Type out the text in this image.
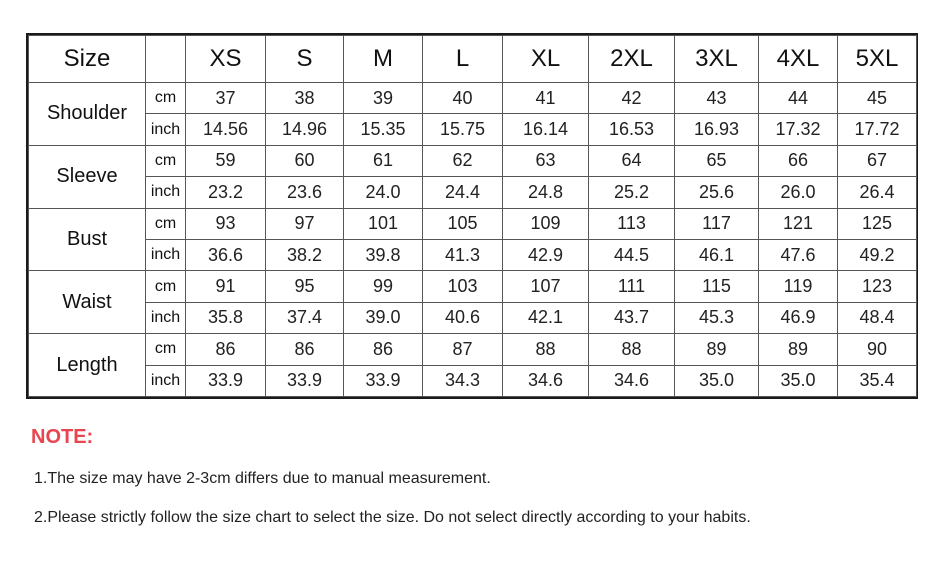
Size		XS	S	M	L	XL	2XL	3XL	4XL	5XL
Shoulder	cm	37	38	39	40	41	42	43	44	45
	inch	14.56	14.96	15.35	15.75	16.14	16.53	16.93	17.32	17.72
Sleeve	cm	59	60	61	62	63	64	65	66	67
	inch	23.2	23.6	24.0	24.4	24.8	25.2	25.6	26.0	26.4
Bust	cm	93	97	101	105	109	113	117	121	125
	inch	36.6	38.2	39.8	41.3	42.9	44.5	46.1	47.6	49.2
Waist	cm	91	95	99	103	107	111	115	119	123
	inch	35.8	37.4	39.0	40.6	42.1	43.7	45.3	46.9	48.4
Length	cm	86	86	86	87	88	88	89	89	90
	inch	33.9	33.9	33.9	34.3	34.6	34.6	35.0	35.0	35.4
NOTE:
1.The size may have 2-3cm differs due to manual measurement.
2.Please strictly follow the size chart to select the size. Do not select directly according to your habits.
